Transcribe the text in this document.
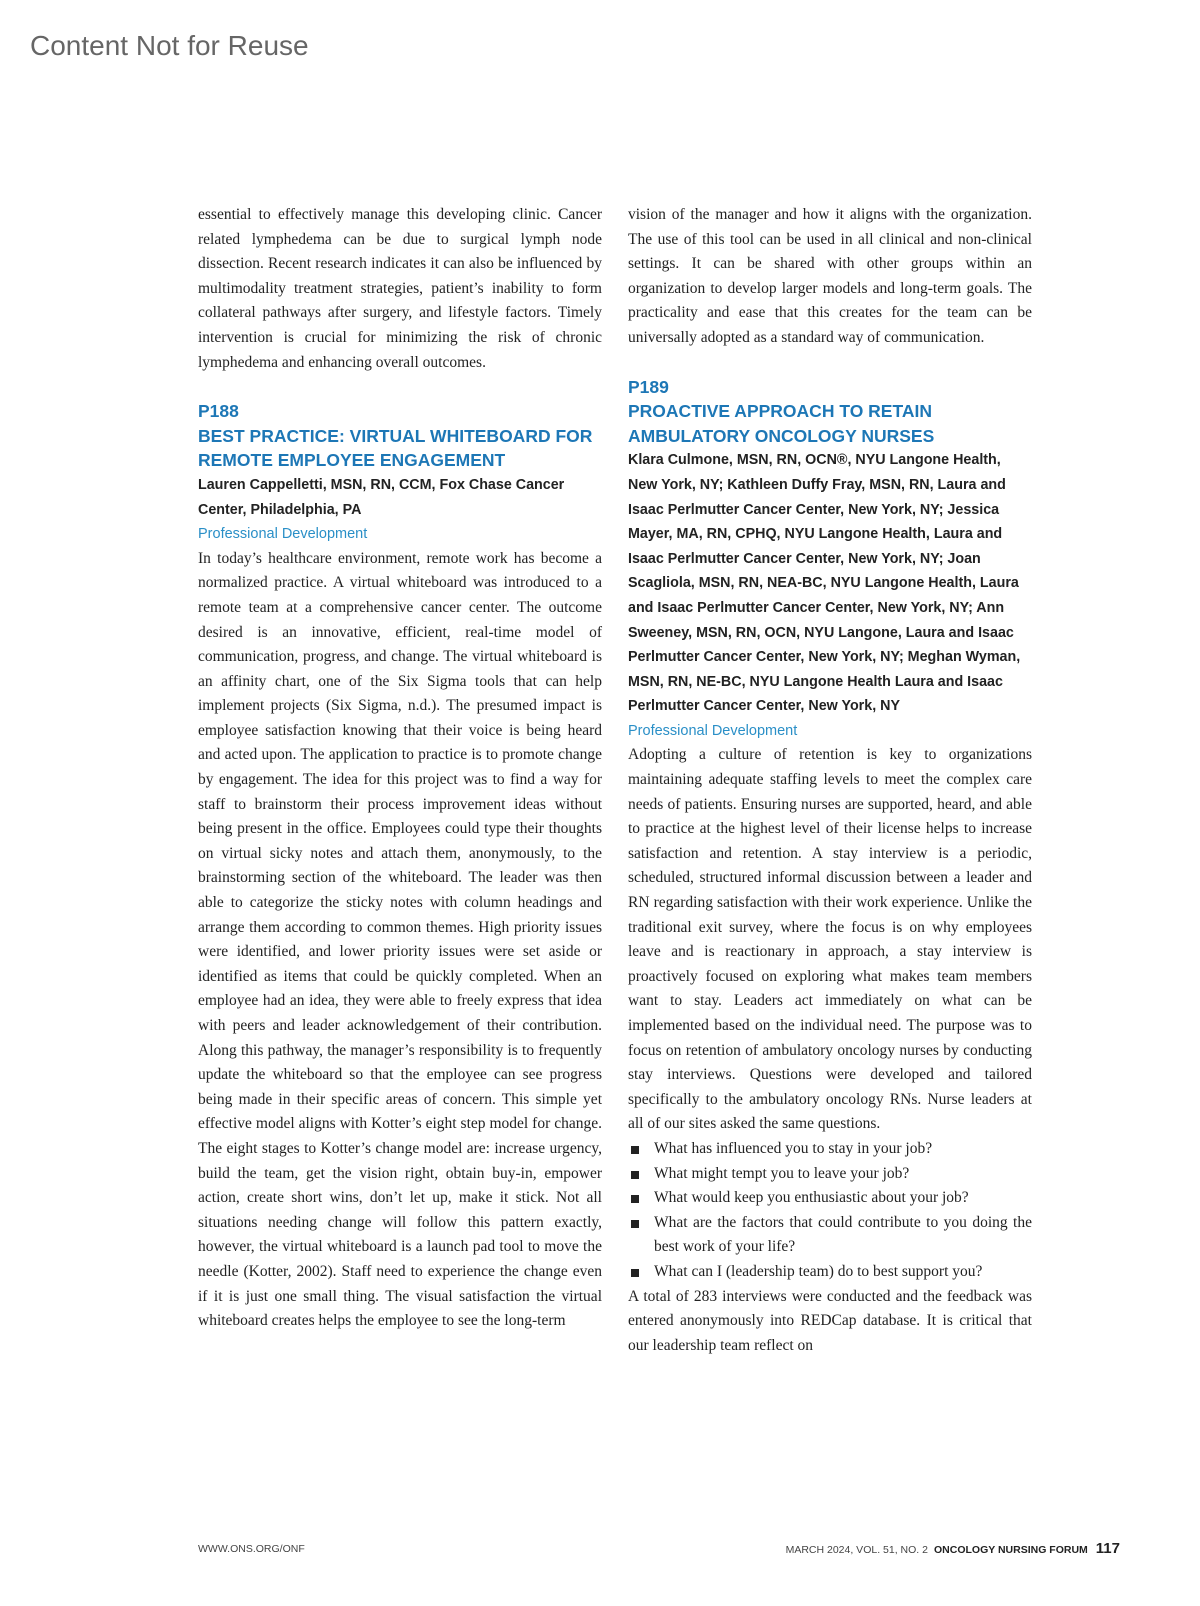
Content Not for Reuse

essential to effectively manage this developing clinic. Cancer related lymphedema can be due to surgical lymph node dissection. Recent research indicates it can also be influenced by multimodality treatment strategies, patient’s inability to form collateral pathways after surgery, and lifestyle factors. Timely intervention is crucial for minimizing the risk of chronic lymphedema and enhancing overall outcomes.

P188
BEST PRACTICE: VIRTUAL WHITEBOARD FOR REMOTE EMPLOYEE ENGAGEMENT
Lauren Cappelletti, MSN, RN, CCM, Fox Chase Cancer Center, Philadelphia, PA
Professional Development

In today’s healthcare environment, remote work has become a normalized practice. A virtual whiteboard was introduced to a remote team at a comprehensive cancer center. The outcome desired is an innovative, efficient, real-time model of communication, progress, and change. The virtual whiteboard is an affinity chart, one of the Six Sigma tools that can help implement projects (Six Sigma, n.d.). The presumed impact is employee satisfaction knowing that their voice is being heard and acted upon. The application to practice is to promote change by engagement. The idea for this project was to find a way for staff to brainstorm their process improvement ideas without being present in the office. Employees could type their thoughts on virtual sicky notes and attach them, anonymously, to the brainstorming section of the whiteboard. The leader was then able to categorize the sticky notes with column headings and arrange them according to common themes. High priority issues were identified, and lower priority issues were set aside or identified as items that could be quickly completed. When an employee had an idea, they were able to freely express that idea with peers and leader acknowledgement of their contribution. Along this pathway, the manager’s responsibility is to frequently update the whiteboard so that the employee can see progress being made in their specific areas of concern. This simple yet effective model aligns with Kotter’s eight step model for change. The eight stages to Kotter’s change model are: increase urgency, build the team, get the vision right, obtain buy-in, empower action, create short wins, don’t let up, make it stick. Not all situations needing change will follow this pattern exactly, however, the virtual whiteboard is a launch pad tool to move the needle (Kotter, 2002). Staff need to experience the change even if it is just one small thing. The visual satisfaction the virtual whiteboard creates helps the employee to see the long-term

vision of the manager and how it aligns with the organization. The use of this tool can be used in all clinical and non-clinical settings. It can be shared with other groups within an organization to develop larger models and long-term goals. The practicality and ease that this creates for the team can be universally adopted as a standard way of communication.

P189
PROACTIVE APPROACH TO RETAIN AMBULATORY ONCOLOGY NURSES
Klara Culmone, MSN, RN, OCN®, NYU Langone Health, New York, NY; Kathleen Duffy Fray, MSN, RN, Laura and Isaac Perlmutter Cancer Center, New York, NY; Jessica Mayer, MA, RN, CPHQ, NYU Langone Health, Laura and Isaac Perlmutter Cancer Center, New York, NY; Joan Scagliola, MSN, RN, NEA-BC, NYU Langone Health, Laura and Isaac Perlmutter Cancer Center, New York, NY; Ann Sweeney, MSN, RN, OCN, NYU Langone, Laura and Isaac Perlmutter Cancer Center, New York, NY; Meghan Wyman, MSN, RN, NE-BC, NYU Langone Health Laura and Isaac Perlmutter Cancer Center, New York, NY
Professional Development

Adopting a culture of retention is key to organizations maintaining adequate staffing levels to meet the complex care needs of patients. Ensuring nurses are supported, heard, and able to practice at the highest level of their license helps to increase satisfaction and retention. A stay interview is a periodic, scheduled, structured informal discussion between a leader and RN regarding satisfaction with their work experience. Unlike the traditional exit survey, where the focus is on why employees leave and is reactionary in approach, a stay interview is proactively focused on exploring what makes team members want to stay. Leaders act immediately on what can be implemented based on the individual need. The purpose was to focus on retention of ambulatory oncology nurses by conducting stay interviews. Questions were developed and tailored specifically to the ambulatory oncology RNs. Nurse leaders at all of our sites asked the same questions.

What has influenced you to stay in your job?
What might tempt you to leave your job?
What would keep you enthusiastic about your job?
What are the factors that could contribute to you doing the best work of your life?
What can I (leadership team) do to best support you?

A total of 283 interviews were conducted and the feedback was entered anonymously into REDCap database. It is critical that our leadership team reflect on

WWW.ONS.ORG/ONF	MARCH 2024, VOL. 51, NO. 2 ONCOLOGY NURSING FORUM 117
